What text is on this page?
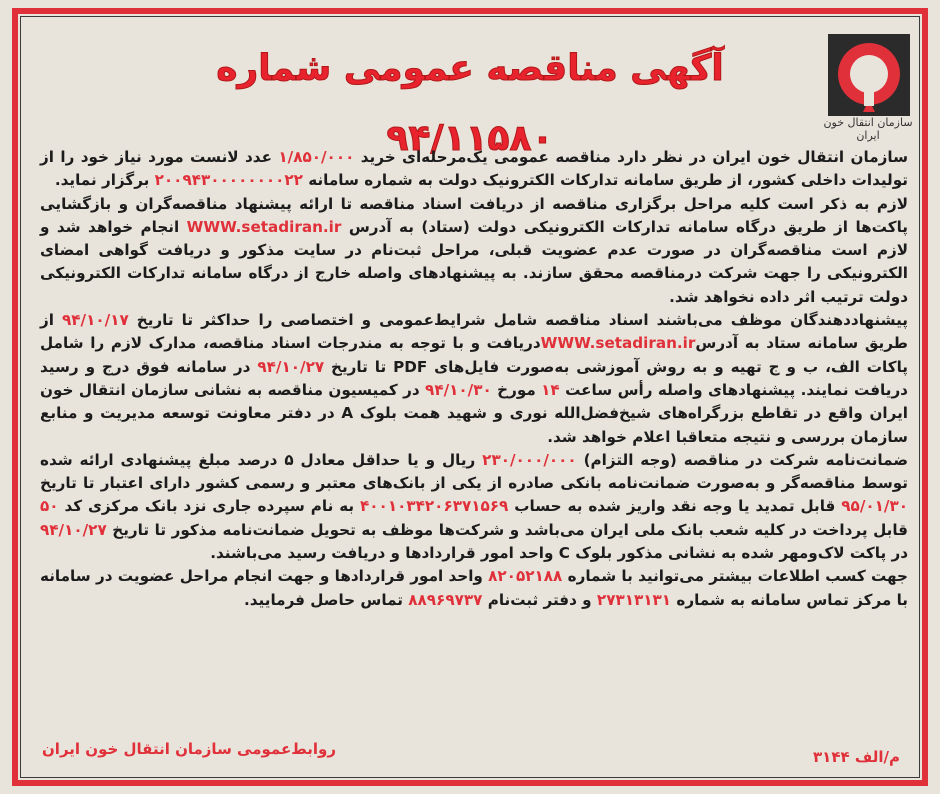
سازمان انتقال خون ایران
آگهی مناقصه عمومی شماره ۹۴/۱۱۵۸۰

سازمان انتقال خون ایران در نظر دارد مناقصه عمومی یک‌مرحله‌ای خرید ۱/۸۵۰/۰۰۰ عدد لانست مورد نیاز خود را از تولیدات داخلی کشور، از طریق سامانه تدارکات الکترونیک دولت به شماره سامانه ۲۰۰۹۴۳۰۰۰۰۰۰۰۰۲۲ برگزار نماید.

لازم به ذکر است کلیه مراحل برگزاری مناقصه از دریافت اسناد مناقصه تا ارائه پیشنهاد مناقصه‌گران و بازگشایی پاکت‌ها از طریق درگاه سامانه تدارکات الکترونیکی دولت (ستاد) به آدرس WWW.setadiran.ir انجام خواهد شد و لازم است مناقصه‌گران در صورت عدم عضویت قبلی، مراحل ثبت‌نام در سایت مذکور و دریافت گواهی امضای الکترونیکی را جهت شرکت درمناقصه محقق سازند. به پیشنهادهای واصله خارج از درگاه سامانه تدارکات الکترونیکی دولت ترتیب اثر داده نخواهد شد.

پیشنهاددهندگان موظف می‌باشند اسناد مناقصه شامل شرایط‌عمومی و اختصاصی را حداکثر تا تاریخ ۹۴/۱۰/۱۷ از طریق سامانه ستاد به آدرسWWW.setadiran.irدریافت و با توجه به مندرجات اسناد مناقصه، مدارک لازم را شامل پاکات الف، ب و ج تهیه و به روش آموزشی به‌صورت فایل‌های PDF تا تاریخ ۹۴/۱۰/۲۷ در سامانه فوق درج و رسید دریافت نمایند. پیشنهادهای واصله رأس ساعت ۱۴ مورخ ۹۴/۱۰/۳۰ در کمیسیون مناقصه به نشانی سازمان انتقال خون ایران واقع در تقاطع بزرگراه‌های شیخ‌فضل‌الله نوری و شهید همت بلوک A در دفتر معاونت توسعه مدیریت و منابع سازمان بررسی و نتیجه متعاقبا اعلام خواهد شد.

ضمانت‌نامه شرکت در مناقصه (وجه التزام) ۲۳۰/۰۰۰/۰۰۰ ریال و یا حداقل معادل ۵ درصد مبلغ پیشنهادی ارائه شده توسط مناقصه‌گر و به‌صورت ضمانت‌نامه بانکی صادره از یکی از بانک‌های معتبر و رسمی کشور دارای اعتبار تا تاریخ ۹۵/۰۱/۳۰ قابل تمدید یا وجه نقد واریز شده به حساب ۴۰۰۱۰۳۴۲۰۶۳۷۱۵۶۹ به نام سپرده جاری نزد بانک مرکزی کد ۵۰ قابل پرداخت در کلیه شعب بانک ملی ایران می‌باشد و شرکت‌ها موظف به تحویل ضمانت‌نامه مذکور تا تاریخ ۹۴/۱۰/۲۷ در پاکت لاک‌ومهر شده به نشانی مذکور بلوک C واحد امور قراردادها و دریافت رسید می‌باشند.

جهت کسب اطلاعات بیشتر می‌توانید با شماره ۸۲۰۵۲۱۸۸ واحد امور قراردادها و جهت انجام مراحل عضویت در سامانه با مرکز تماس سامانه به شماره ۲۷۳۱۳۱۳۱ و دفتر ثبت‌نام ۸۸۹۶۹۷۳۷ تماس حاصل فرمایید.

روابط‌عمومی سازمان انتقال خون ایران	م/الف ۳۱۴۴
